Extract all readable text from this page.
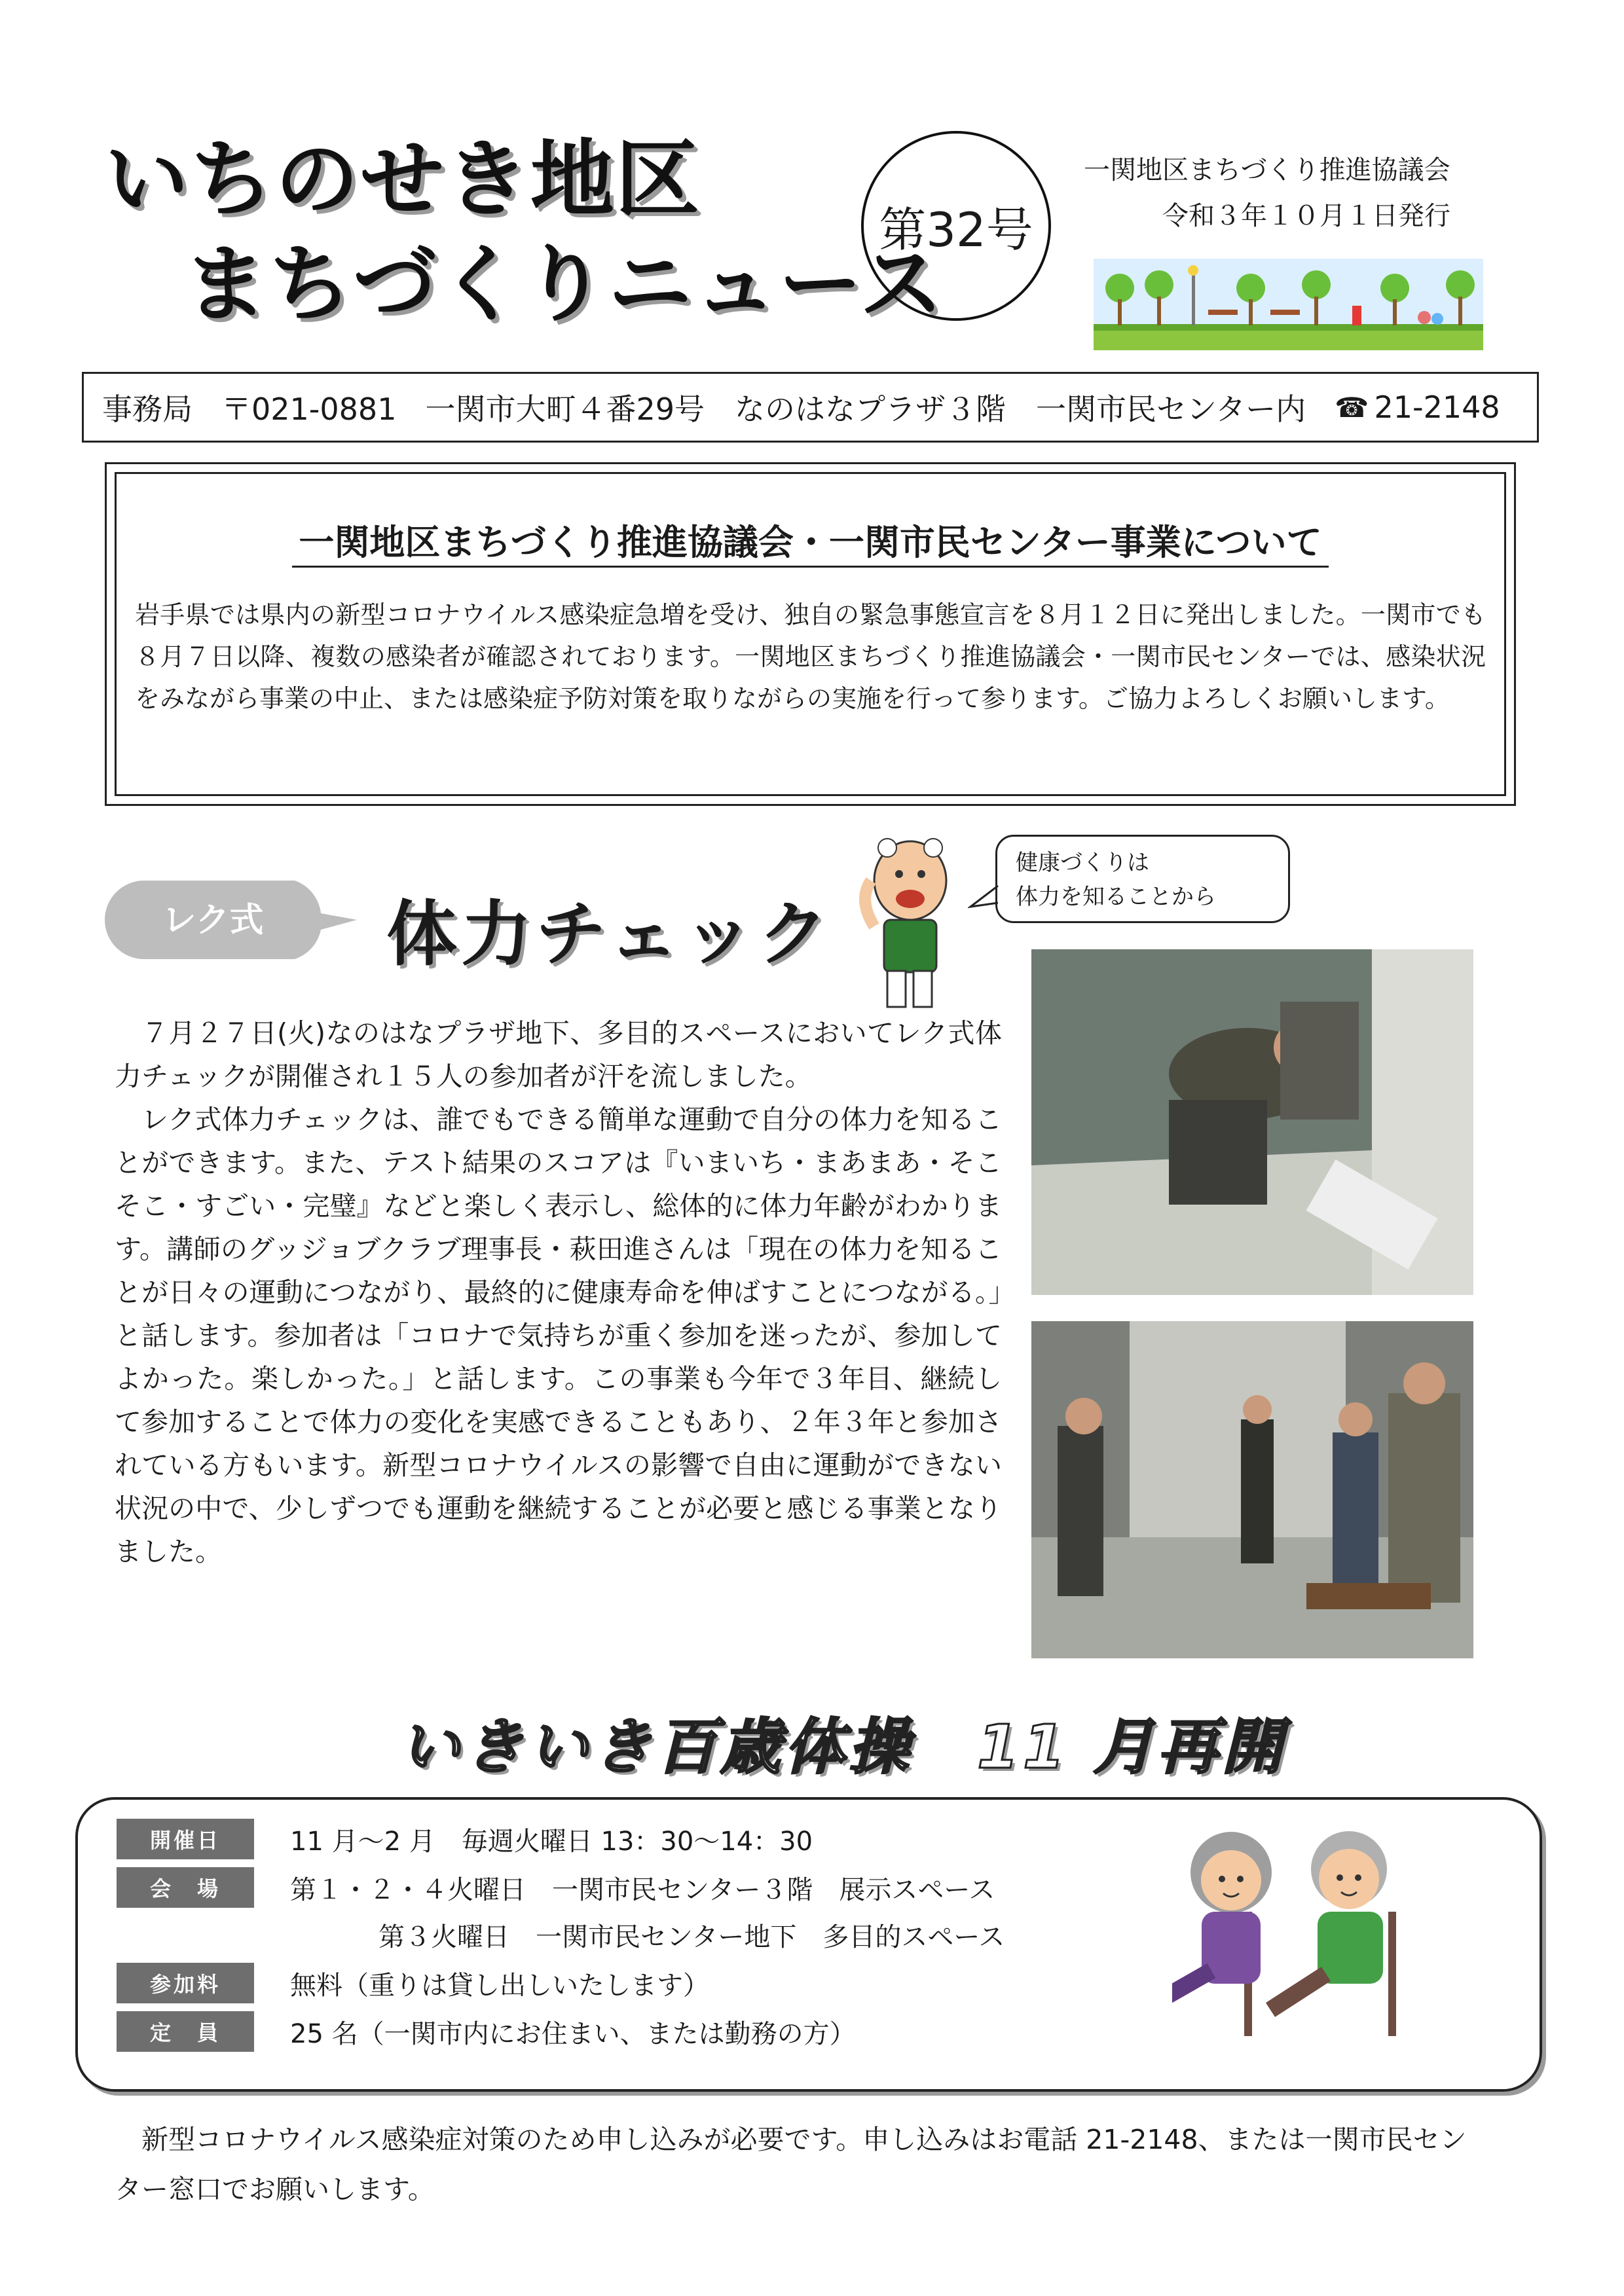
いちのせき地区
まちづくりニュース
第32号
一関地区まちづくり推進協議会
令和３年１０月１日発行
事務局 〒021-0881 一関市大町４番29号　なのはなプラザ３階　一関市民センター内 ☎ 21-2148
一関地区まちづくり推進協議会・一関市民センター事業について
岩手県では県内の新型コロナウイルス感染症急増を受け、独自の緊急事態宣言を８月１２日に発出しました。一関市でも８月７日以降、複数の感染者が確認されております。一関地区まちづくり推進協議会・一関市民センターでは、感染状況をみながら事業の中止、または感染症予防対策を取りながらの実施を行って参ります。ご協力よろしくお願いします。
レク式 体力チェック
健康づくりは
体力を知ることから

７月２７日(火)なのはなプラザ地下、多目的スペースにおいてレク式体力チェックが開催され１５人の参加者が汗を流しました。

レク式体力チェックは、誰でもできる簡単な運動で自分の体力を知ることができます。また、テスト結果のスコアは『いまいち・まあまあ・そこそこ・すごい・完璧』などと楽しく表示し、総体的に体力年齢がわかります。講師のグッジョブクラブ理事長・萩田進さんは「現在の体力を知ることが日々の運動につながり、最終的に健康寿命を伸ばすことにつながる。」と話します。参加者は「コロナで気持ちが重く参加を迷ったが、参加してよかった。楽しかった。」と話します。この事業も今年で３年目、継続して参加することで体力の変化を実感できることもあり、２年３年と参加されている方もいます。新型コロナウイルスの影響で自由に運動ができない状況の中で、少しずつでも運動を継続することが必要と感じる事業となりました。

いきいき百歳体操　11 月再開
開催日	11 月～2 月　毎週火曜日 13：30～14：30
会　場	第１・２・４火曜日　一関市民センター３階　展示スペース
第３火曜日　一関市民センター地下　多目的スペース
参加料	無料（重りは貸し出しいたします）
定　員	25 名（一関市内にお住まい、または勤務の方）

新型コロナウイルス感染症対策のため申し込みが必要です。申し込みはお電話 21-2148、または一関市民センター窓口でお願いします。
